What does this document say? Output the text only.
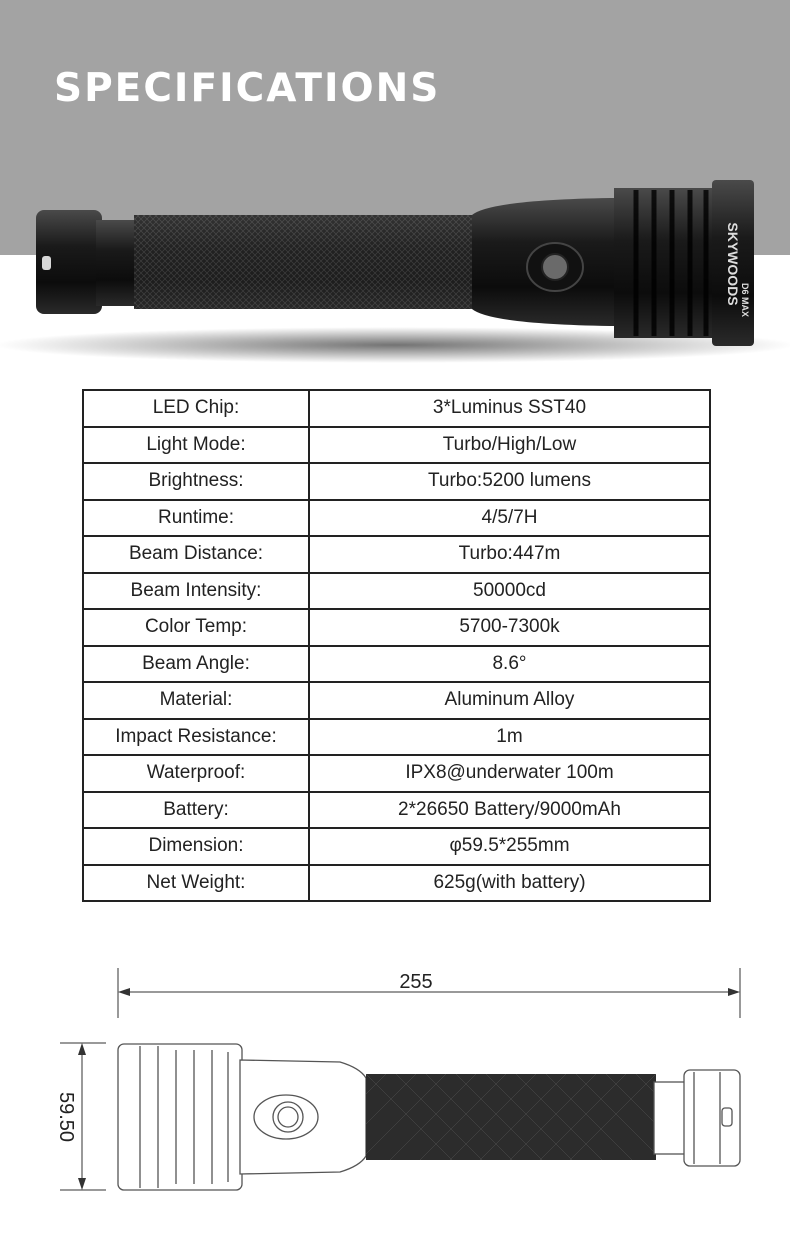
SPECIFICATIONS
SKYWOODS D6 MAX
LED Chip:	3*Luminus SST40
Light Mode:	Turbo/High/Low
Brightness:	Turbo:5200 lumens
Runtime:	4/5/7H
Beam Distance:	Turbo:447m
Beam Intensity:	50000cd
Color Temp:	5700-7300k
Beam Angle:	8.6°
Material:	Aluminum Alloy
Impact Resistance:	1m
Waterproof:	IPX8@underwater 100m
Battery:	2*26650 Battery/9000mAh
Dimension:	φ59.5*255mm
Net Weight:	625g(with battery)
255
59.50
